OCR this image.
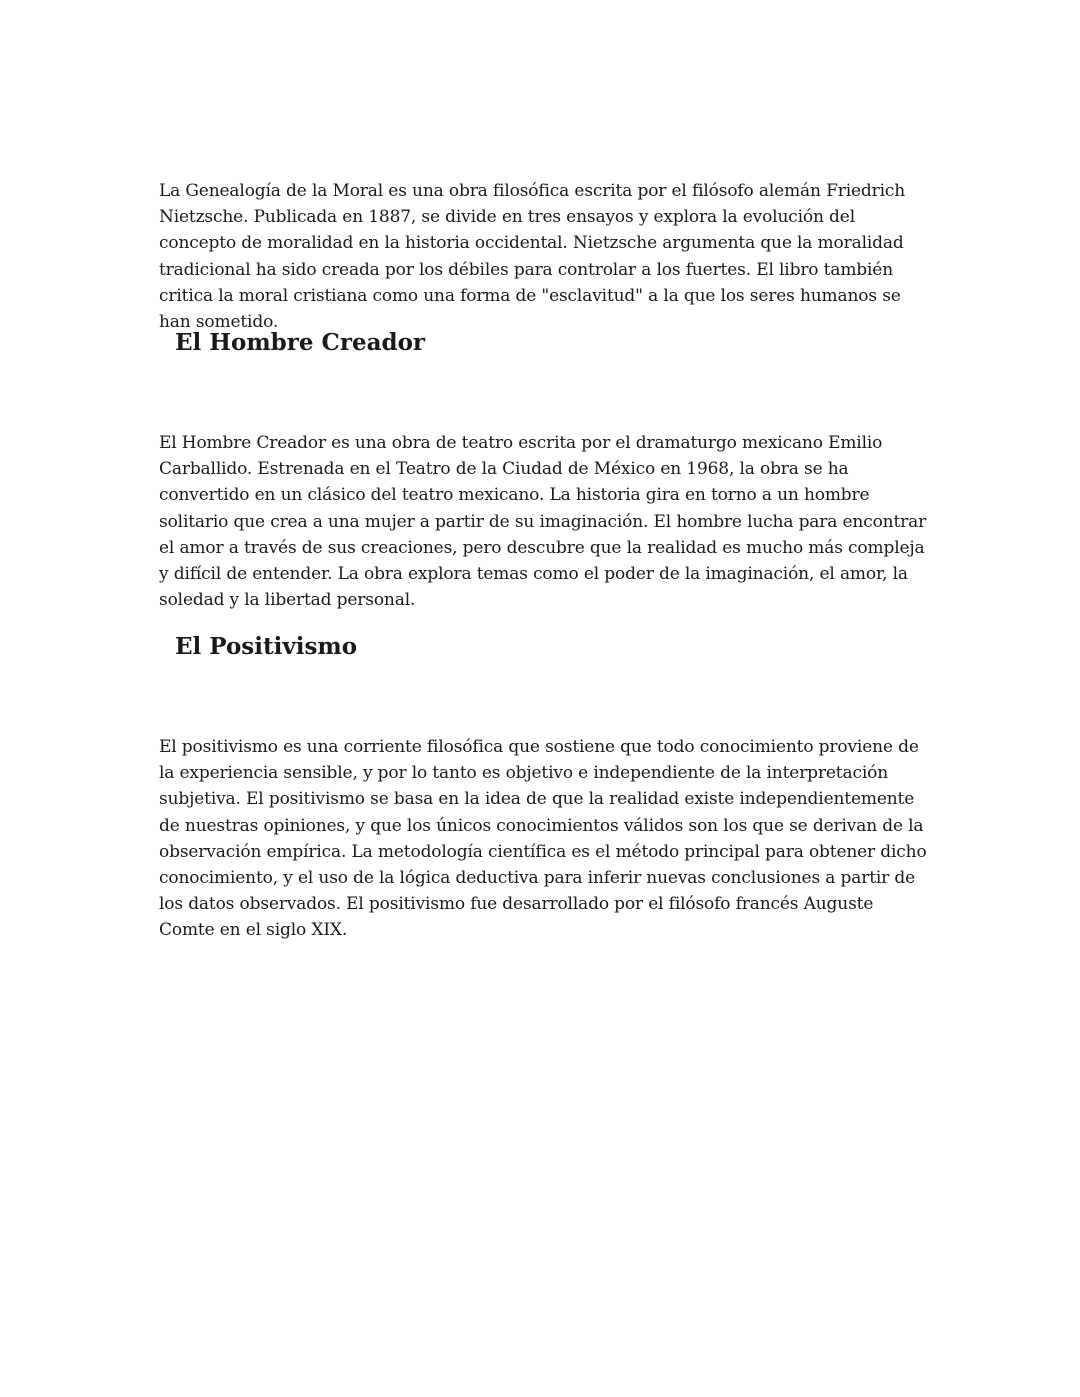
La Genealogía de la Moral es una obra filosófica escrita por el filósofo alemán Friedrich Nietzsche. Publicada en 1887, se divide en tres ensayos y explora la evolución del concepto de moralidad en la historia occidental. Nietzsche argumenta que la moralidad tradicional ha sido creada por los débiles para controlar a los fuertes. El libro también critica la moral cristiana como una forma de "esclavitud" a la que los seres humanos se han sometido.

El Hombre Creador

El Hombre Creador es una obra de teatro escrita por el dramaturgo mexicano Emilio Carballido. Estrenada en el Teatro de la Ciudad de México en 1968, la obra se ha convertido en un clásico del teatro mexicano. La historia gira en torno a un hombre solitario que crea a una mujer a partir de su imaginación. El hombre lucha para encontrar el amor a través de sus creaciones, pero descubre que la realidad es mucho más compleja y difícil de entender. La obra explora temas como el poder de la imaginación, el amor, la soledad y la libertad personal.

El Positivismo

El positivismo es una corriente filosófica que sostiene que todo conocimiento proviene de la experiencia sensible, y por lo tanto es objetivo e independiente de la interpretación subjetiva. El positivismo se basa en la idea de que la realidad existe independientemente de nuestras opiniones, y que los únicos conocimientos válidos son los que se derivan de la observación empírica. La metodología científica es el método principal para obtener dicho conocimiento, y el uso de la lógica deductiva para inferir nuevas conclusiones a partir de los datos observados. El positivismo fue desarrollado por el filósofo francés Auguste Comte en el siglo XIX.
